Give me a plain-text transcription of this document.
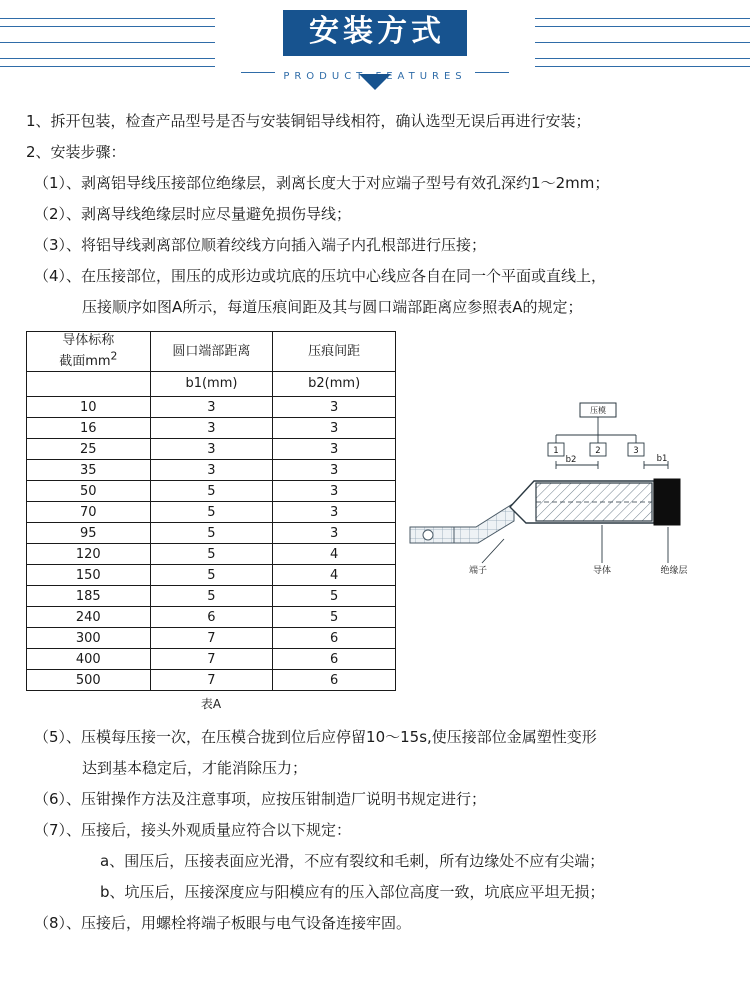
安装方式
PRODUCT FEATURES
1、拆开包装，检查产品型号是否与安装铜铝导线相符，确认选型无误后再进行安装；
2、安装步骤：
（1）、剥离铝导线压接部位绝缘层，剥离长度大于对应端子型号有效孔深约1～2mm；
（2）、剥离导线绝缘层时应尽量避免损伤导线；
（3）、将铝导线剥离部位顺着绞线方向插入端子内孔根部进行压接；
（4）、在压接部位，围压的成形边或坑底的压坑中心线应各自在同一个平面或直线上，
压接顺序如图A所示，每道压痕间距及其与圆口端部距离应参照表A的规定；
导体标称
截面$mm^2$	圆口端部距离	压痕间距
	b1(mm)	b2(mm)
10	3	3
16	3	3
25	3	3
35	3	3
50	5	3
70	5	3
95	5	3
120	5	4
150	5	4
185	5	5
240	6	5
300	7	6
400	7	6
500	7	6
表A
压模
1	2	3
b2	b1
端子	导体	绝缘层
（5）、压模每压接一次，在压模合拢到位后应停留10～15s,使压接部位金属塑性变形
达到基本稳定后，才能消除压力；
（6）、压钳操作方法及注意事项，应按压钳制造厂说明书规定进行；
（7）、压接后，接头外观质量应符合以下规定：
a、围压后，压接表面应光滑，不应有裂纹和毛刺，所有边缘处不应有尖端；
b、坑压后，压接深度应与阳模应有的压入部位高度一致，坑底应平坦无损；
（8）、压接后，用螺栓将端子板眼与电气设备连接牢固。
